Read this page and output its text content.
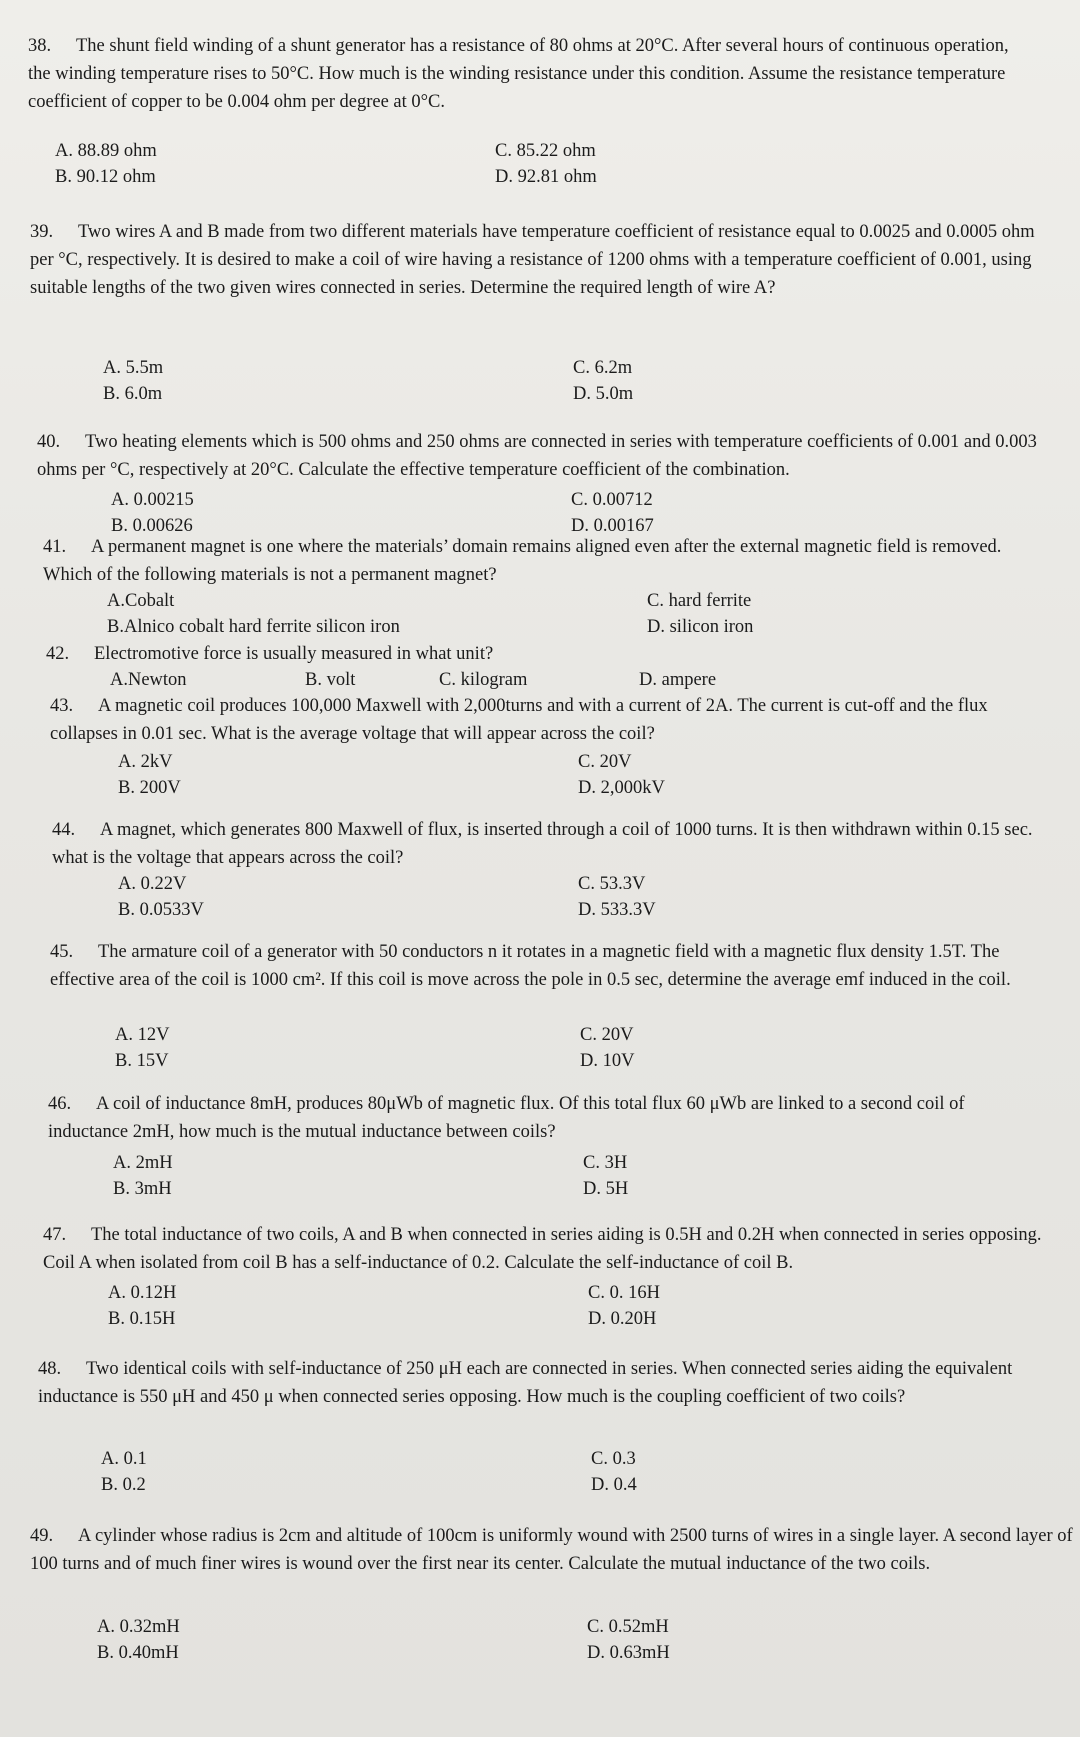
38. The shunt field winding of a shunt generator has a resistance of 80 ohms at 20°C. After several hours of continuous operation, the winding temperature rises to 50°C. How much is the winding resistance under this condition. Assume the resistance temperature coefficient of copper to be 0.004 ohm per degree at 0°C.
A. 88.89 ohm	C. 85.22 ohm
B. 90.12 ohm	D. 92.81 ohm
39. Two wires A and B made from two different materials have temperature coefficient of resistance equal to 0.0025 and 0.0005 ohm per °C, respectively. It is desired to make a coil of wire having a resistance of 1200 ohms with a temperature coefficient of 0.001, using suitable lengths of the two given wires connected in series. Determine the required length of wire A?
A. 5.5m	C. 6.2m
B. 6.0m	D. 5.0m
40. Two heating elements which is 500 ohms and 250 ohms are connected in series with temperature coefficients of 0.001 and 0.003 ohms per °C, respectively at 20°C. Calculate the effective temperature coefficient of the combination.
A. 0.00215	C. 0.00712
B. 0.00626	D. 0.00167
41. A permanent magnet is one where the materials’ domain remains aligned even after the external magnetic field is removed. Which of the following materials is not a permanent magnet?
A.Cobalt	C. hard ferrite
B.Alnico cobalt hard ferrite silicon iron	D. silicon iron
42. Electromotive force is usually measured in what unit?
A.Newton	B. volt	C. kilogram	D. ampere
43. A magnetic coil produces 100,000 Maxwell with 2,000turns and with a current of 2A. The current is cut-off and the flux collapses in 0.01 sec. What is the average voltage that will appear across the coil?
A. 2kV	C. 20V
B. 200V	D. 2,000kV
44. A magnet, which generates 800 Maxwell of flux, is inserted through a coil of 1000 turns. It is then withdrawn within 0.15 sec. what is the voltage that appears across the coil?
A. 0.22V	C. 53.3V
B. 0.0533V	D. 533.3V
45. The armature coil of a generator with 50 conductors n it rotates in a magnetic field with a magnetic flux density 1.5T. The effective area of the coil is 1000 cm². If this coil is move across the pole in 0.5 sec, determine the average emf induced in the coil.
A. 12V	C. 20V
B. 15V	D. 10V
46. A coil of inductance 8mH, produces 80μWb of magnetic flux. Of this total flux 60 μWb are linked to a second coil of inductance 2mH, how much is the mutual inductance between coils?
A. 2mH	C. 3H
B. 3mH	D. 5H
47. The total inductance of two coils, A and B when connected in series aiding is 0.5H and 0.2H when connected in series opposing. Coil A when isolated from coil B has a self-inductance of 0.2. Calculate the self-inductance of coil B.
A. 0.12H	C. 0. 16H
B. 0.15H	D. 0.20H
48. Two identical coils with self-inductance of 250 μH each are connected in series. When connected series aiding the equivalent inductance is 550 μH and 450 μ when connected series opposing. How much is the coupling coefficient of two coils?
A. 0.1	C. 0.3
B. 0.2	D. 0.4
49. A cylinder whose radius is 2cm and altitude of 100cm is uniformly wound with 2500 turns of wires in a single layer. A second layer of 100 turns and of much finer wires is wound over the first near its center. Calculate the mutual inductance of the two coils.
A. 0.32mH	C. 0.52mH
B. 0.40mH	D. 0.63mH
